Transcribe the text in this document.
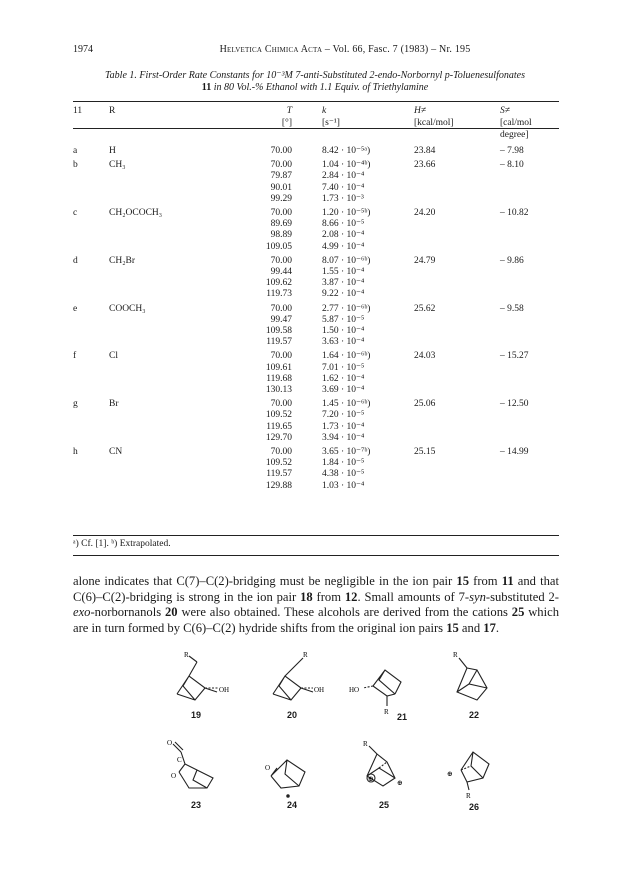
1974	Helvetica Chimica Acta – Vol. 66, Fasc. 7 (1983) – Nr. 195
Table 1. First-Order Rate Constants for 10⁻³M 7-anti-Substituted 2-endo-Norbornyl p-Toluenesulfonates
11 in 80 Vol.-% Ethanol with 1.1 Equiv. of Triethylamine
11	R	T	k	H≠	S≠
		[°]	[s⁻¹]	[kcal/mol]	[cal/mol degree]
a	H	70.00	8.42 · 10⁻⁵ᵃ)	23.84	– 7.98
b	CH₃	70.00	1.04 · 10⁻⁴ᵇ)	23.66	– 8.10
		79.87	2.84 · 10⁻⁴		
		90.01	7.40 · 10⁻⁴		
		99.29	1.73 · 10⁻³		
c	CH₂OCOCH₃	70.00	1.20 · 10⁻⁵ᵇ)	24.20	– 10.82
		89.69	8.66 · 10⁻⁵		
		98.89	2.08 · 10⁻⁴		
		109.05	4.99 · 10⁻⁴		
d	CH₂Br	70.00	8.07 · 10⁻⁶ᵇ)	24.79	– 9.86
		99.44	1.55 · 10⁻⁴		
		109.62	3.87 · 10⁻⁴		
		119.73	9.22 · 10⁻⁴		
e	COOCH₃	70.00	2.77 · 10⁻⁶ᵇ)	25.62	– 9.58
		99.47	5.87 · 10⁻⁵		
		109.58	1.50 · 10⁻⁴		
		119.57	3.63 · 10⁻⁴		
f	Cl	70.00	1.64 · 10⁻⁶ᵇ)	24.03	– 15.27
		109.61	7.01 · 10⁻⁵		
		119.68	1.62 · 10⁻⁴		
		130.13	3.69 · 10⁻⁴		
g	Br	70.00	1.45 · 10⁻⁶ᵇ)	25.06	– 12.50
		109.52	7.20 · 10⁻⁵		
		119.65	1.73 · 10⁻⁴		
		129.70	3.94 · 10⁻⁴		
h	CN	70.00	3.65 · 10⁻⁷ᵇ)	25.15	– 14.99
		109.52	1.84 · 10⁻⁵		
		119.57	4.38 · 10⁻⁵		
		129.88	1.03 · 10⁻⁴		
ᵃ) Cf. [1]. ᵇ) Extrapolated.

alone indicates that C(7)–C(2)-bridging must be negligible in the ion pair 15 from 11 and that C(6)–C(2)-bridging is strong in the ion pair 18 from 12. Small amounts of 7-syn-substituted 2-exo-norbornanols 20 were also obtained. These alcohols are derived from the cations 25 which are in turn formed by C(6)–C(2) hydride shifts from the original ion pairs 15 and 17.

R
OH
19
R
OH
20
HO
R 21
R
22
O
C
O
23
O
24
R
⊕	⊕
25
⊕
R
26
